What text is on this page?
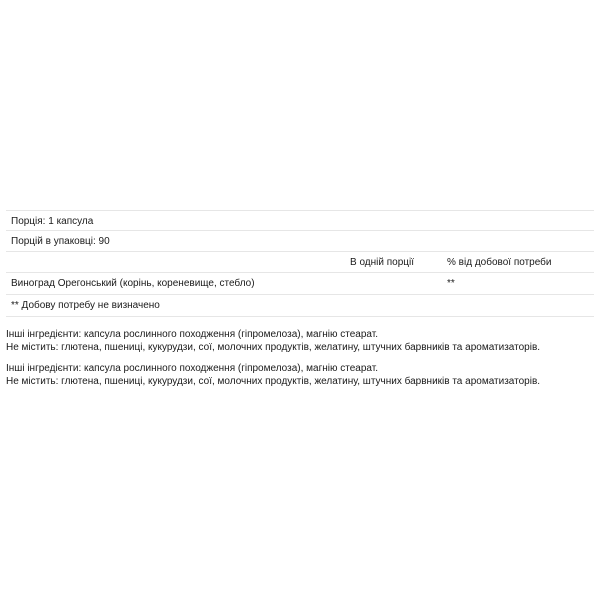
Порція: 1 капсула
Порцій в упаковці: 90
В одній порції	% від добової потреби
Виноград Орегонський (корінь, кореневище, стебло)	**
** Добову потребу не визначено

Інші інгредієнти: капсула рослинного походження (гіпромелоза), магнію стеарат.

Не містить: глютена, пшениці, кукурудзи, сої, молочних продуктів, желатину, штучних барвників та ароматизаторів.

Інші інгредієнти: капсула рослинного походження (гіпромелоза), магнію стеарат.

Не містить: глютена, пшениці, кукурудзи, сої, молочних продуктів, желатину, штучних барвників та ароматизаторів.
